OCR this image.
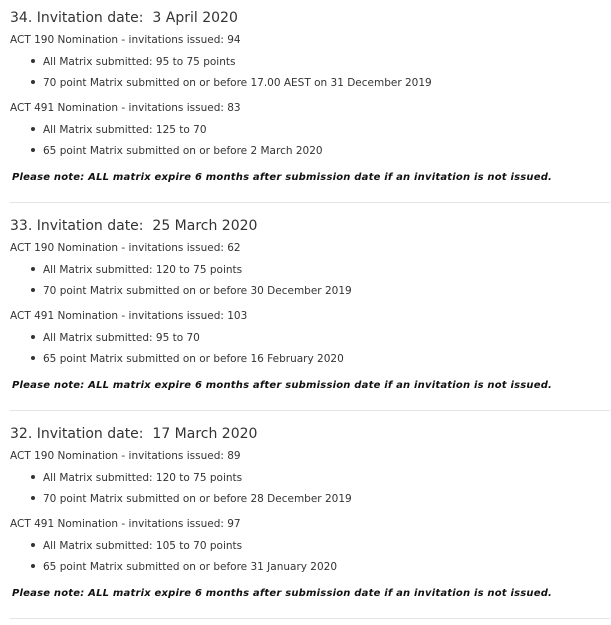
34. Invitation date:  3 April 2020
ACT 190 Nomination - invitations issued: 94
All Matrix submitted: 95 to 75 points
70 point Matrix submitted on or before 17.00 AEST on 31 December 2019
ACT 491 Nomination - invitations issued: 83
All Matrix submitted: 125 to 70
65 point Matrix submitted on or before 2 March 2020
Please note: ALL matrix expire 6 months after submission date if an invitation is not issued.
33. Invitation date:  25 March 2020
ACT 190 Nomination - invitations issued: 62
All Matrix submitted: 120 to 75 points
70 point Matrix submitted on or before 30 December 2019
ACT 491 Nomination - invitations issued: 103
All Matrix submitted: 95 to 70
65 point Matrix submitted on or before 16 February 2020
Please note: ALL matrix expire 6 months after submission date if an invitation is not issued.
32. Invitation date:  17 March 2020
ACT 190 Nomination - invitations issued: 89
All Matrix submitted: 120 to 75 points
70 point Matrix submitted on or before 28 December 2019
ACT 491 Nomination - invitations issued: 97
All Matrix submitted: 105 to 70 points
65 point Matrix submitted on or before 31 January 2020
Please note: ALL matrix expire 6 months after submission date if an invitation is not issued.
